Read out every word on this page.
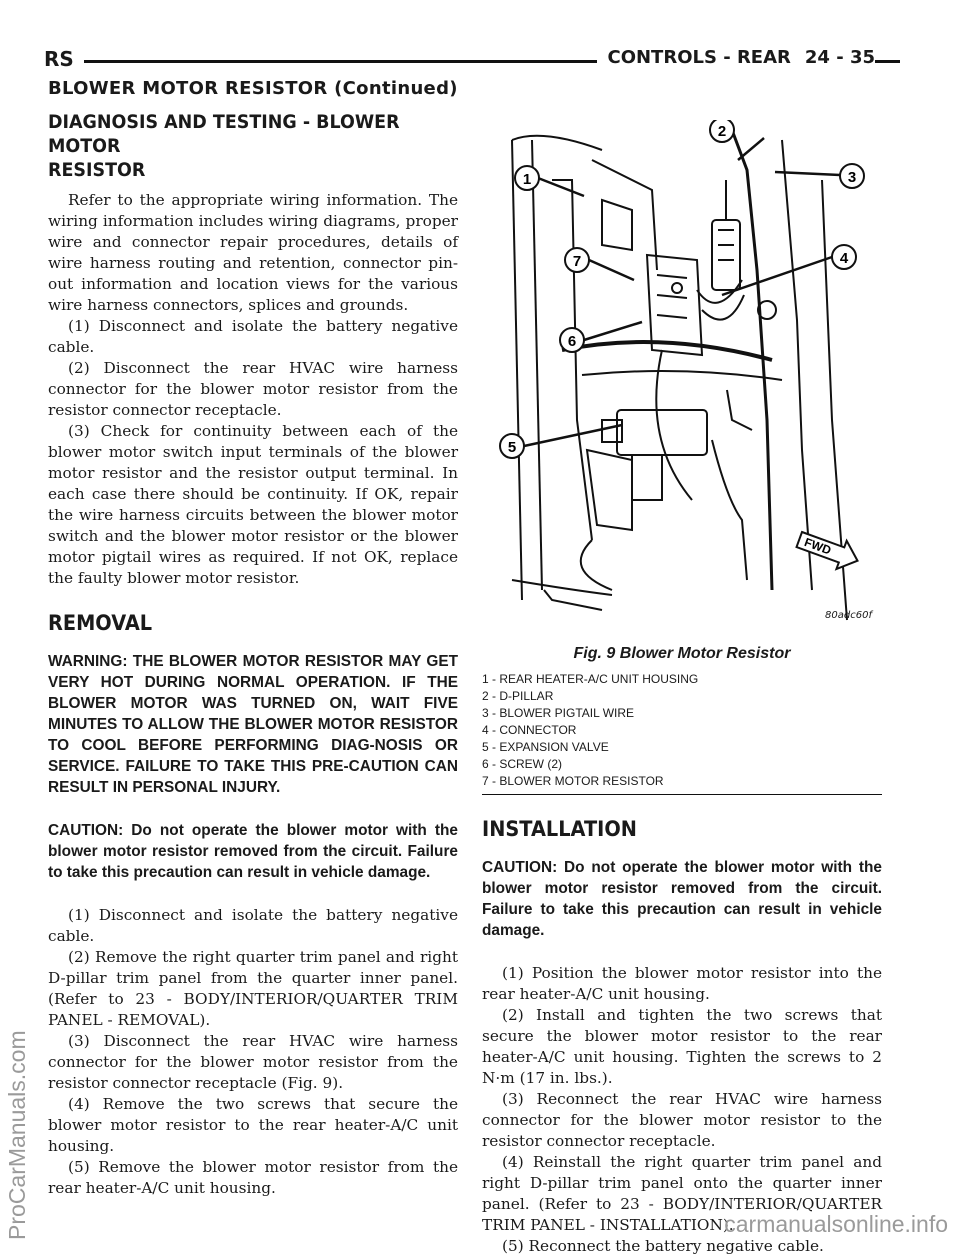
RS	CONTROLS - REAR 24 - 35
BLOWER MOTOR RESISTOR (Continued)
DIAGNOSIS AND TESTING - BLOWER MOTOR
RESISTOR

Refer to the appropriate wiring information. The wiring information includes wiring diagrams, proper wire and connector repair procedures, details of wire harness routing and retention, connector pin-out information and location views for the various wire harness connectors, splices and grounds.

(1) Disconnect and isolate the battery negative cable.

(2) Disconnect the rear HVAC wire harness connector for the blower motor resistor from the resistor connector receptacle.

(3) Check for continuity between each of the blower motor switch input terminals of the blower motor resistor and the resistor output terminal. In each case there should be continuity. If OK, repair the wire harness circuits between the blower motor switch and the blower motor resistor or the blower motor pigtail wires as required. If not OK, replace the faulty blower motor resistor.

REMOVAL
WARNING: THE BLOWER MOTOR RESISTOR MAY GET VERY HOT DURING NORMAL OPERATION. IF THE BLOWER MOTOR WAS TURNED ON, WAIT FIVE MINUTES TO ALLOW THE BLOWER MOTOR RESISTOR TO COOL BEFORE PERFORMING DIAG-NOSIS OR SERVICE. FAILURE TO TAKE THIS PRE-CAUTION CAN RESULT IN PERSONAL INJURY.
CAUTION: Do not operate the blower motor with the blower motor resistor removed from the circuit. Failure to take this precaution can result in vehicle damage.

(1) Disconnect and isolate the battery negative cable.

(2) Remove the right quarter trim panel and right D-pillar trim panel from the quarter inner panel. (Refer to 23 - BODY/INTERIOR/QUARTER TRIM PANEL - REMOVAL).

(3) Disconnect the rear HVAC wire harness connector for the blower motor resistor from the resistor connector receptacle (Fig. 9).

(4) Remove the two screws that secure the blower motor resistor to the rear heater-A/C unit housing.

(5) Remove the blower motor resistor from the rear heater-A/C unit housing.

FWD
1
2
3
4
5
6
7
80adc60f
Fig. 9 Blower Motor Resistor
1 - REAR HEATER-A/C UNIT HOUSING
2 - D-PILLAR
3 - BLOWER PIGTAIL WIRE
4 - CONNECTOR
5 - EXPANSION VALVE
6 - SCREW (2)
7 - BLOWER MOTOR RESISTOR
INSTALLATION
CAUTION: Do not operate the blower motor with the blower motor resistor removed from the circuit. Failure to take this precaution can result in vehicle damage.

(1) Position the blower motor resistor into the rear heater-A/C unit housing.

(2) Install and tighten the two screws that secure the blower motor resistor to the rear heater-A/C unit housing. Tighten the screws to 2 N·m (17 in. lbs.).

(3) Reconnect the rear HVAC wire harness connector for the blower motor resistor to the resistor connector receptacle.

(4) Reinstall the right quarter trim panel and right D-pillar trim panel onto the quarter inner panel. (Refer to 23 - BODY/INTERIOR/QUARTER TRIM PANEL - INSTALLATION).

(5) Reconnect the battery negative cable.

ProCarManuals.com	carmanualsonline.info
